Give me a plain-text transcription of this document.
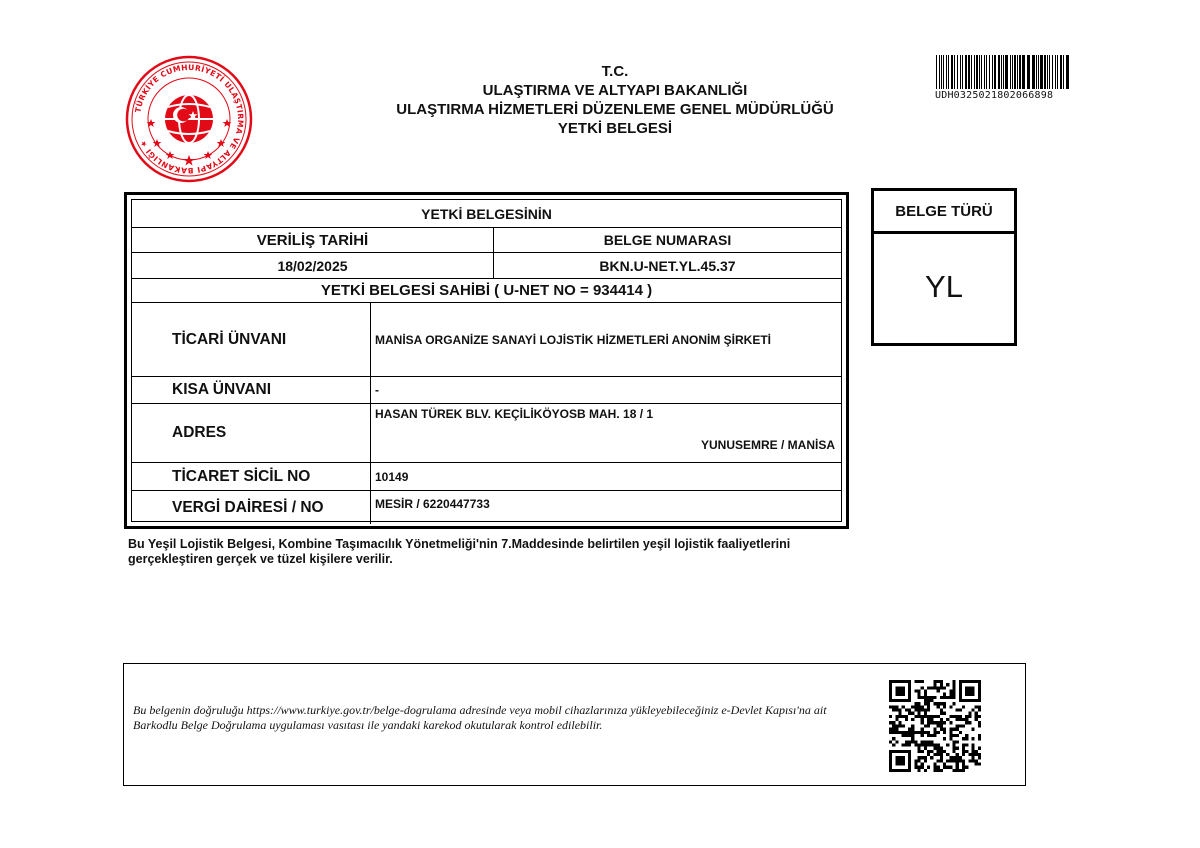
TÜRKİYE CUMHURİYETİ ULAŞTIRMA VE ALTYAPI BAKANLIĞI ★
T.C.
ULAŞTIRMA VE ALTYAPI BAKANLIĞI
ULAŞTIRMA HİZMETLERİ DÜZENLEME GENEL MÜDÜRLÜĞÜ
YETKİ BELGESİ
UDH0325021802066898
YETKİ BELGESİNİN
VERİLİŞ TARİHİ	BELGE NUMARASI
18/02/2025	BKN.U-NET.YL.45.37
YETKİ BELGESİ SAHİBİ ( U-NET NO = 934414 )
TİCARİ ÜNVANI	MANİSA ORGANİZE SANAYİ LOJİSTİK HİZMETLERİ ANONİM ŞİRKETİ
KISA ÜNVANI	-
ADRES
HASAN TÜREK BLV. KEÇİLİKÖYOSB MAH. 18 / 1
YUNUSEMRE / MANİSA
TİCARET SİCİL NO	10149
VERGİ DAİRESİ / NO	MESİR / 6220447733
BELGE TÜRÜ
YL
Bu Yeşil Lojistik Belgesi, Kombine Taşımacılık Yönetmeliği'nin 7.Maddesinde belirtilen yeşil lojistik faaliyetlerini gerçekleştiren gerçek ve tüzel kişilere verilir.
Bu belgenin doğruluğu https://www.turkiye.gov.tr/belge-dogrulama adresinde veya mobil cihazlarınıza yükleyebileceğiniz e-Devlet Kapısı'na ait Barkodlu Belge Doğrulama uygulaması vasıtası ile yandaki karekod okutularak kontrol edilebilir.
